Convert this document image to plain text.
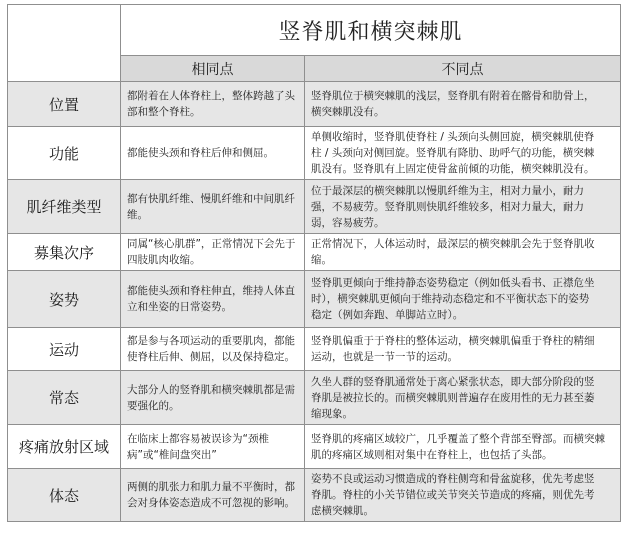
	竖脊肌和横突棘肌	
	相同点	不同点
位置	都附着在人体脊柱上，整体跨越了头
部和整个脊柱。	竖脊肌位于横突棘肌的浅层，竖脊肌有附着在髂骨和肋骨上，
横突棘肌没有。

功能	都能使头颈和脊柱后伸和侧屈。	单侧收缩时，竖脊肌使脊柱 / 头颈向头侧回旋，横突棘肌使脊
柱 / 头颈向对侧回旋。竖脊肌有降肋、助呼气的功能，横突棘
肌没有。竖脊肌有上固定使骨盆前倾的功能，横突棘肌没有。

肌纤维类型	都有快肌纤维、慢肌纤维和中间肌纤
维。	位于最深层的横突棘肌以慢肌纤维为主，相对力量小，耐力
强，不易疲劳。竖脊肌则快肌纤维较多，相对力量大，耐力
弱，容易疲劳。

募集次序	同属“核心肌群”，正常情况下会先于
四肢肌肉收缩。	正常情况下，人体运动时，最深层的横突棘肌会先于竖脊肌收
缩。

姿势	都能使头颈和脊柱伸直，维持人体直
立和坐姿的日常姿势。	竖脊肌更倾向于维持静态姿势稳定（例如低头看书、正襟危坐
时），横突棘肌更倾向于维持动态稳定和不平衡状态下的姿势
稳定（例如奔跑、单脚站立时）。

运动	都是参与各项运动的重要肌肉，都能
使脊柱后伸、侧屈，以及保持稳定。	竖脊肌偏重于于脊柱的整体运动，横突棘肌偏重于脊柱的精细
运动，也就是一节一节的运动。

常态	大部分人的竖脊肌和横突棘肌都是需
要强化的。	久坐人群的竖脊肌通常处于离心紧张状态，即大部分阶段的竖
脊肌是被拉长的。而横突棘肌则普遍存在废用性的无力甚至萎
缩现象。

疼痛放射区域	在临床上都容易被误诊为“颈椎
病”或“椎间盘突出”	竖脊肌的疼痛区域较广，几乎覆盖了整个背部至臀部。而横突棘
肌的疼痛区域则相对集中在脊柱上，也包括了头部。

体态	两侧的肌张力和肌力量不平衡时，都
会对身体姿态造成不可忽视的影响。	姿势不良或运动习惯造成的脊柱侧弯和骨盆旋移，优先考虑竖
脊肌。脊柱的小关节错位或关节突关节造成的疼痛，则优先考
虑横突棘肌。
